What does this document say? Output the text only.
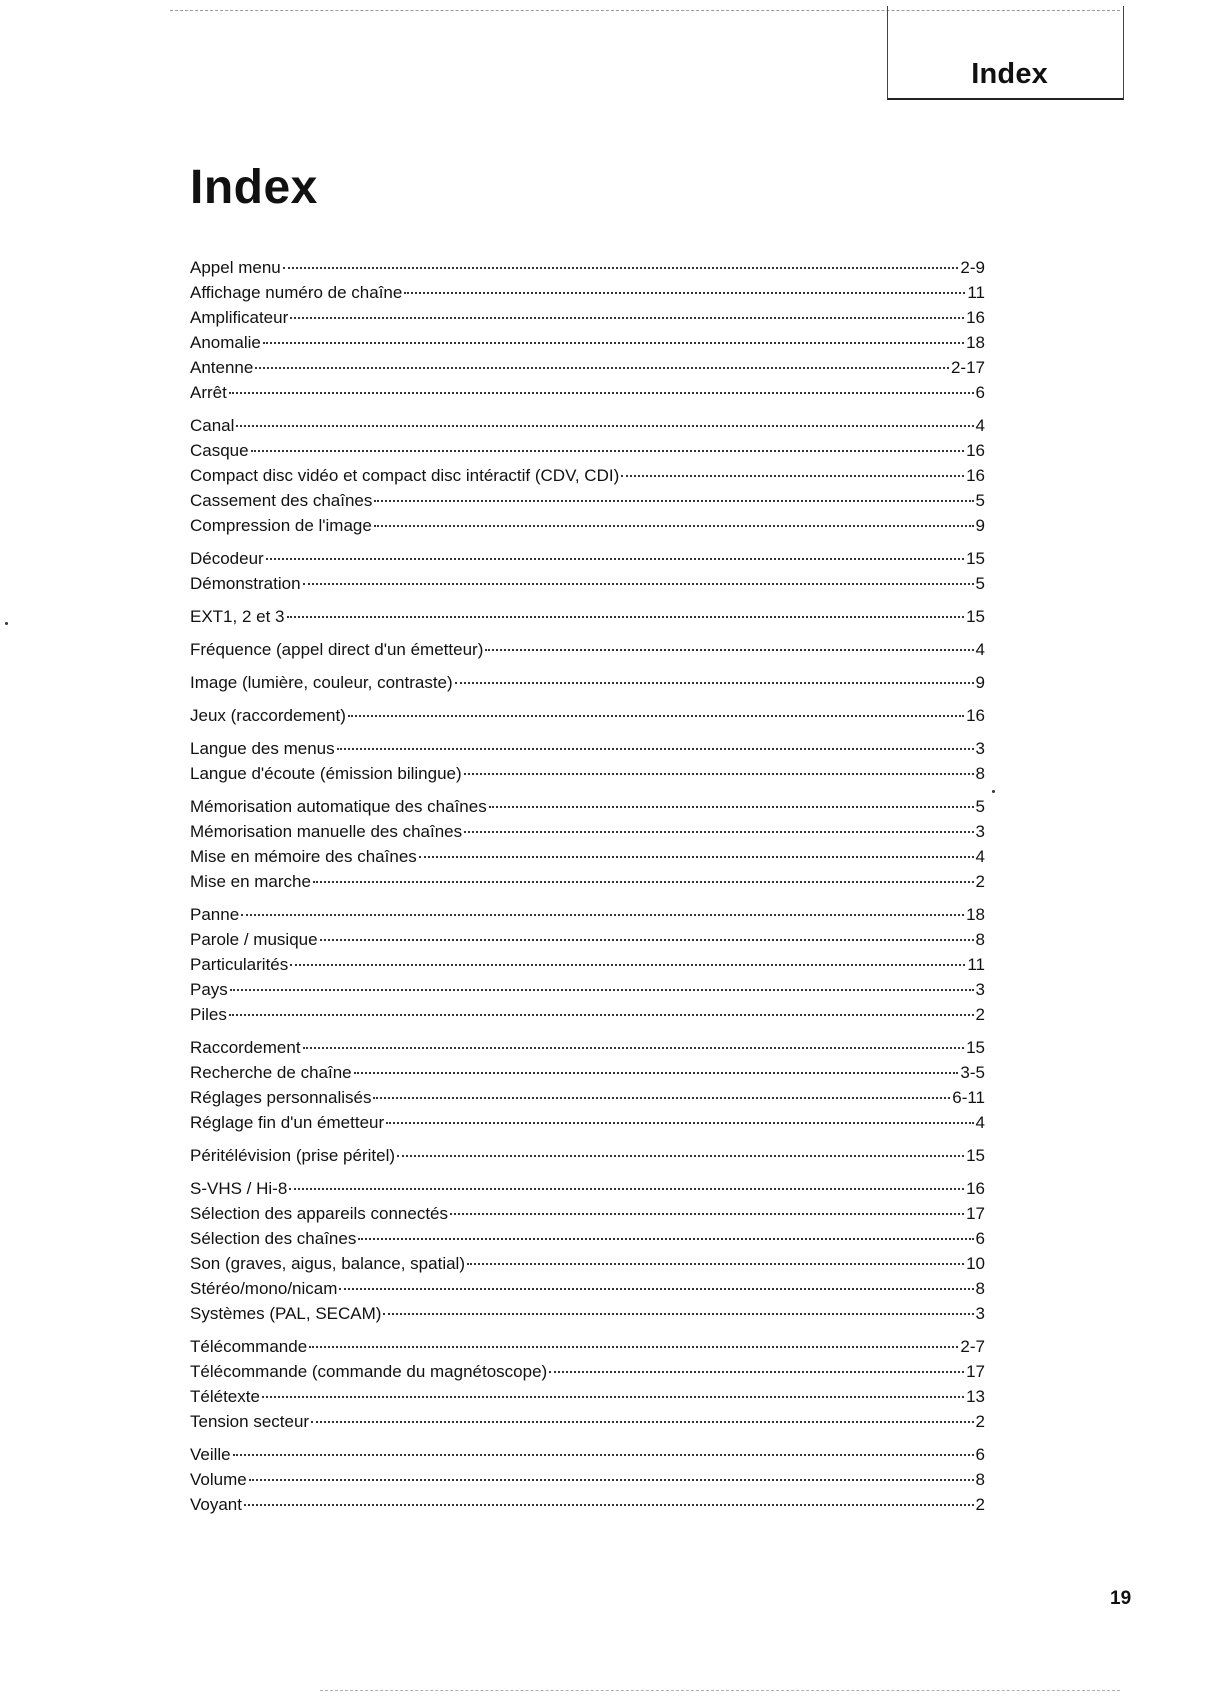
Index
Index
Appel menu	2-9
Affichage numéro de chaîne	11
Amplificateur	16
Anomalie	18
Antenne	2-17
Arrêt	6
Canal	4
Casque	16
Compact disc vidéo et compact disc intéractif (CDV, CDI)	16
Cassement des chaînes	5
Compression de l'image	9
Décodeur	15
Démonstration	5
EXT1, 2 et 3	15
Fréquence (appel direct d'un émetteur)	4
Image (lumière, couleur, contraste)	9
Jeux (raccordement)	16
Langue des menus	3
Langue d'écoute (émission bilingue)	8
Mémorisation automatique des chaînes	5
Mémorisation manuelle des chaînes	3
Mise en mémoire des chaînes	4
Mise en marche	2
Panne	18
Parole / musique	8
Particularités	11
Pays	3
Piles	2
Raccordement	15
Recherche de chaîne	3-5
Réglages personnalisés	6-11
Réglage fin d'un émetteur	4
Péritélévision (prise péritel)	15
S-VHS / Hi-8	16
Sélection des appareils connectés	17
Sélection des chaînes	6
Son (graves, aigus, balance, spatial)	10
Stéréo/mono/nicam	8
Systèmes (PAL, SECAM)	3
Télécommande	2-7
Télécommande (commande du magnétoscope)	17
Télétexte	13
Tension secteur	2
Veille	6
Volume	8
Voyant	2
19
